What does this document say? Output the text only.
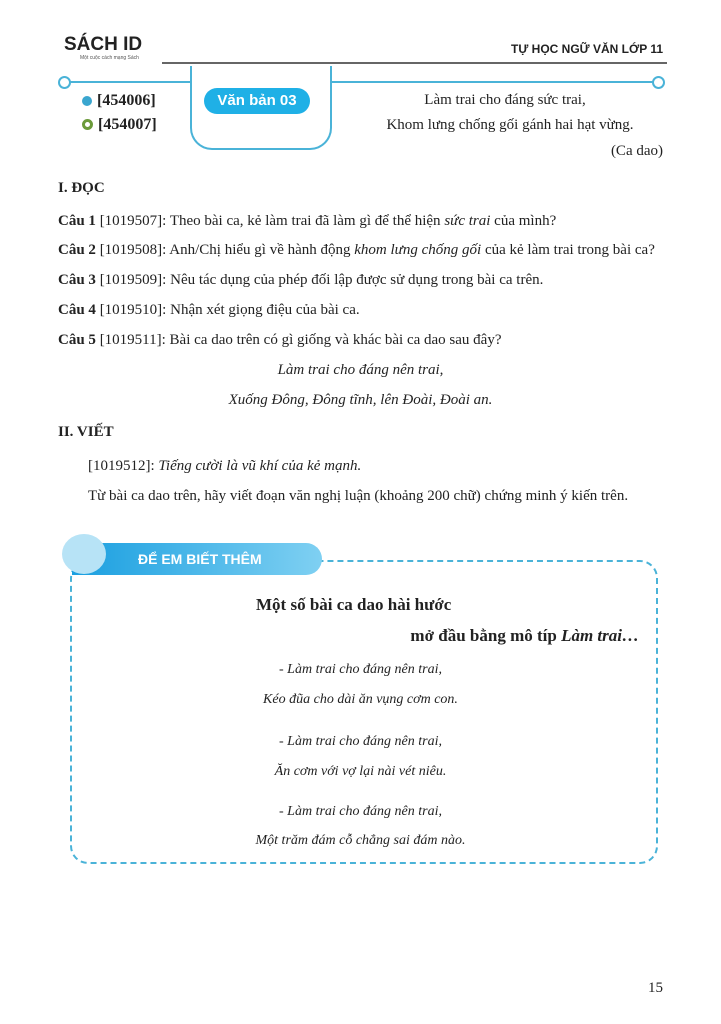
SÁCH ID
Một cuộc cách mạng Sách
TỰ HỌC NGỮ VĂN LỚP 11
Văn bản 03
[454006]
[454007]
Làm trai cho đáng sức trai,
Khom lưng chống gối gánh hai hạt vừng.
(Ca dao)
I. ĐỌC
Câu 1 [1019507]: Theo bài ca, kẻ làm trai đã làm gì để thể hiện sức trai của mình?
Câu 2 [1019508]: Anh/Chị hiểu gì về hành động khom lưng chống gối của kẻ làm trai trong bài ca?
Câu 3 [1019509]: Nêu tác dụng của phép đối lập được sử dụng trong bài ca trên.
Câu 4 [1019510]: Nhận xét giọng điệu của bài ca.
Câu 5 [1019511]: Bài ca dao trên có gì giống và khác bài ca dao sau đây?
Làm trai cho đáng nên trai,
Xuống Đông, Đông tĩnh, lên Đoài, Đoài an.
II. VIẾT
[1019512]: Tiếng cười là vũ khí của kẻ mạnh.
Từ bài ca dao trên, hãy viết đoạn văn nghị luận (khoảng 200 chữ) chứng minh ý kiến trên.
ĐỂ EM BIẾT THÊM
Một số bài ca dao hài hước
mở đầu bằng mô típ Làm trai…
- Làm trai cho đáng nên trai,
Kéo đũa cho dài ăn vụng cơm con.
- Làm trai cho đáng nên trai,
Ăn cơm với vợ lại nài vét niêu.
- Làm trai cho đáng nên trai,
Một trăm đám cỗ chẳng sai đám nào.
15
